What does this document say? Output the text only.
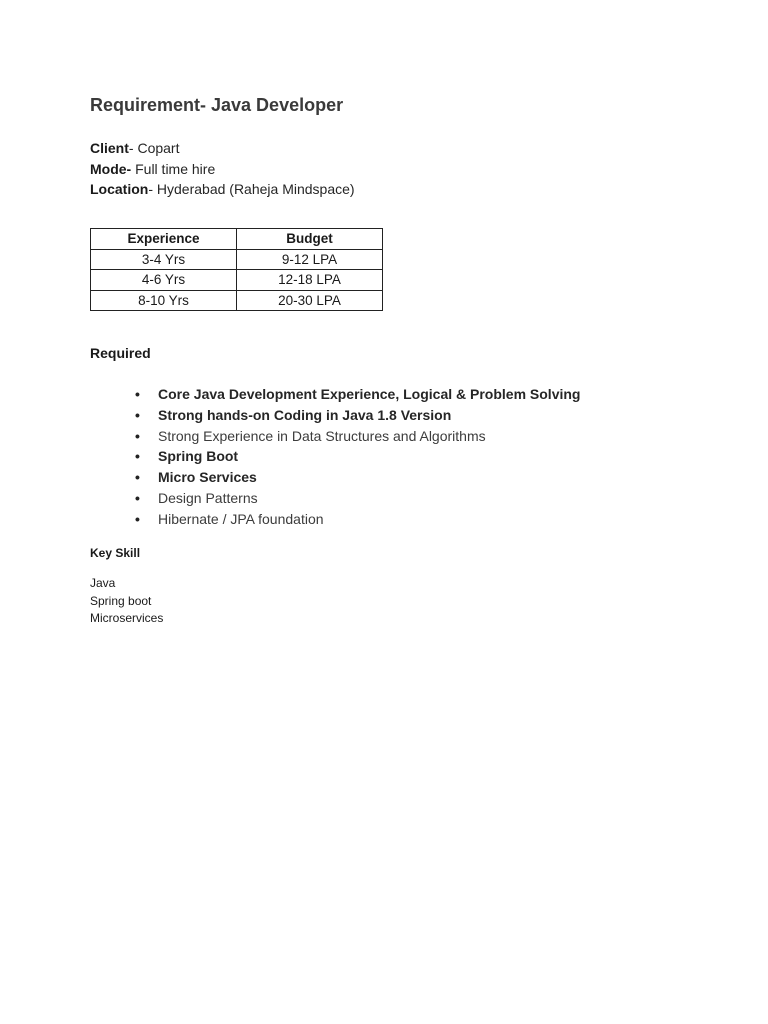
Requirement- Java Developer
Client- Copart
Mode- Full time hire
Location- Hyderabad (Raheja Mindspace)
Experience	Budget
3-4 Yrs	9-12 LPA
4-6 Yrs	12-18 LPA
8-10 Yrs	20-30 LPA
Required
• Core Java Development Experience, Logical & Problem Solving
• Strong hands-on Coding in Java 1.8 Version
• Strong Experience in Data Structures and Algorithms
• Spring Boot
• Micro Services
• Design Patterns
• Hibernate / JPA foundation
Key Skill
Java
Spring boot
Microservices
